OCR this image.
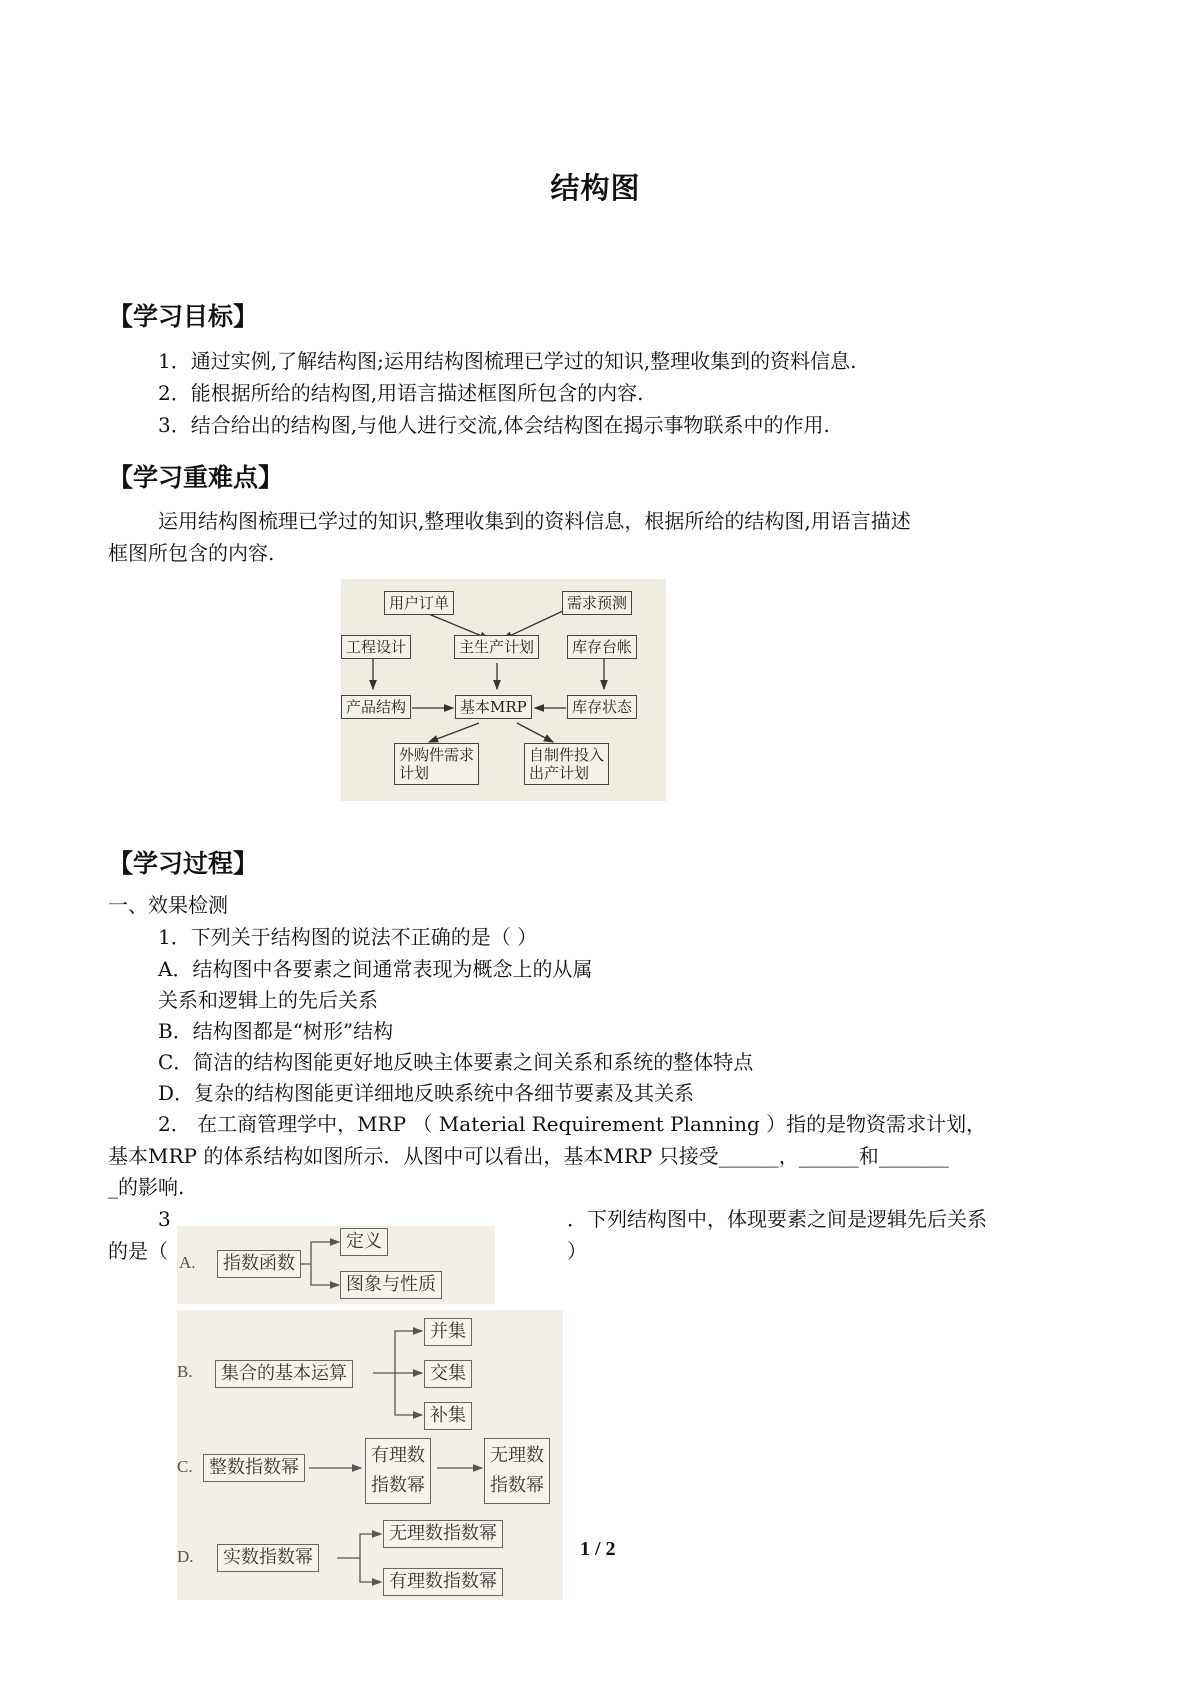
结构图
【学习目标】
1．通过实例,了解结构图;运用结构图梳理已学过的知识,整理收集到的资料信息.
2．能根据所给的结构图,用语言描述框图所包含的内容.
3．结合给出的结构图,与他人进行交流,体会结构图在揭示事物联系中的作用.
【学习重难点】
运用结构图梳理已学过的知识,整理收集到的资料信息，根据所给的结构图,用语言描述
框图所包含的内容.
用户订单	需求预测
工程设计	主生产计划	库存台帐
产品结构	基本MRP	库存状态
外购件需求
计划
自制件投入
出产计划
【学习过程】
一、效果检测
1．下列关于结构图的说法不正确的是（ ）
A．结构图中各要素之间通常表现为概念上的从属
关系和逻辑上的先后关系
B．结构图都是“树形”结构
C．简洁的结构图能更好地反映主体要素之间关系和系统的整体特点
D．复杂的结构图能更详细地反映系统中各细节要素及其关系
2． 在工商管理学中，MRP （ Material Requirement Planning ）指的是物资需求计划，
基本MRP 的体系结构如图所示．从图中可以看出，基本MRP 只接受______，______和_______
_的影响.
3	．下列结构图中，体现要素之间是逻辑先后关系
的是（	）
A.	指数函数
定义
图象与性质
B.	集合的基本运算
并集
交集
补集
C. 整数指数幂
有理数
指数幂
无理数
指数幂
D.	实数指数幂
无理数指数幂
有理数指数幂
1 / 2
